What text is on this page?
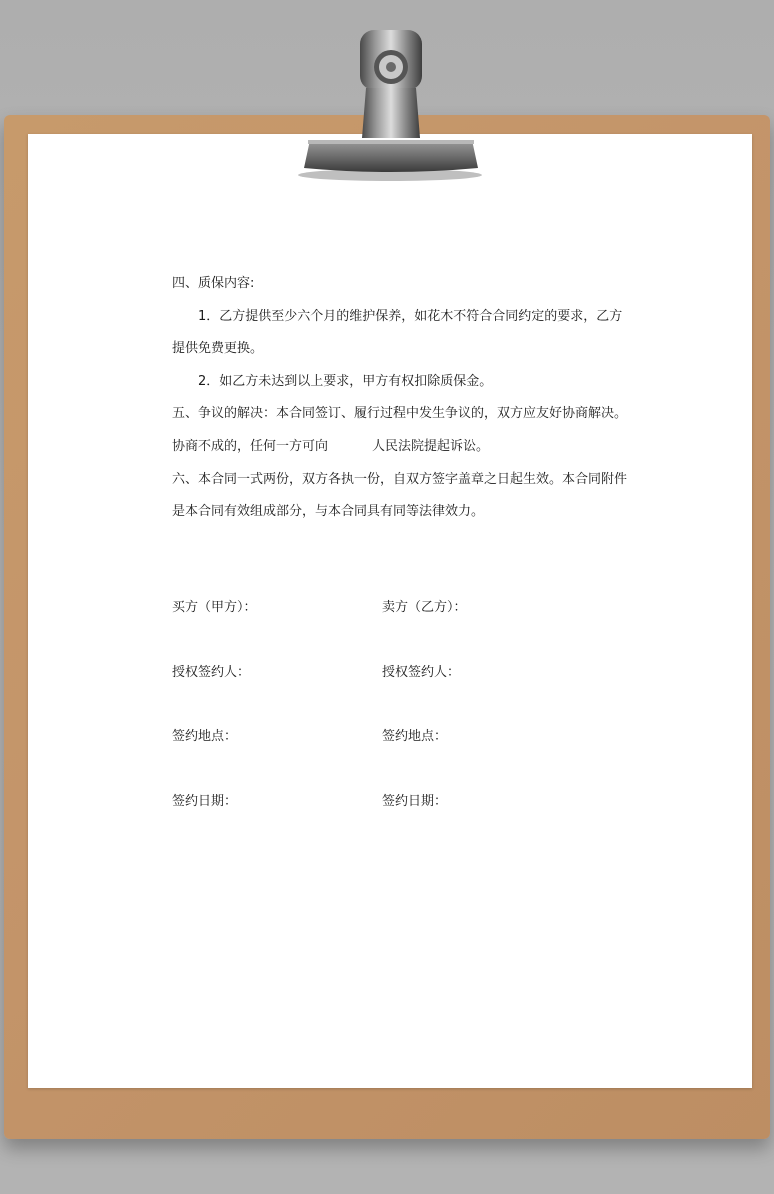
四、质保内容:

1．乙方提供至少六个月的维护保养，如花木不符合合同约定的要求，乙方

提供免费更换。

2．如乙方未达到以上要求，甲方有权扣除质保金。

五、争议的解决：本合同签订、履行过程中发生争议的，双方应友好协商解决。

协商不成的，任何一方可向	人民法院提起诉讼。

六、本合同一式两份，双方各执一份，自双方签字盖章之日起生效。本合同附件

是本合同有效组成部分，与本合同具有同等法律效力。

买方（甲方）：	卖方（乙方）：
授权签约人：	授权签约人：
签约地点：	签约地点：
签约日期：	签约日期：
